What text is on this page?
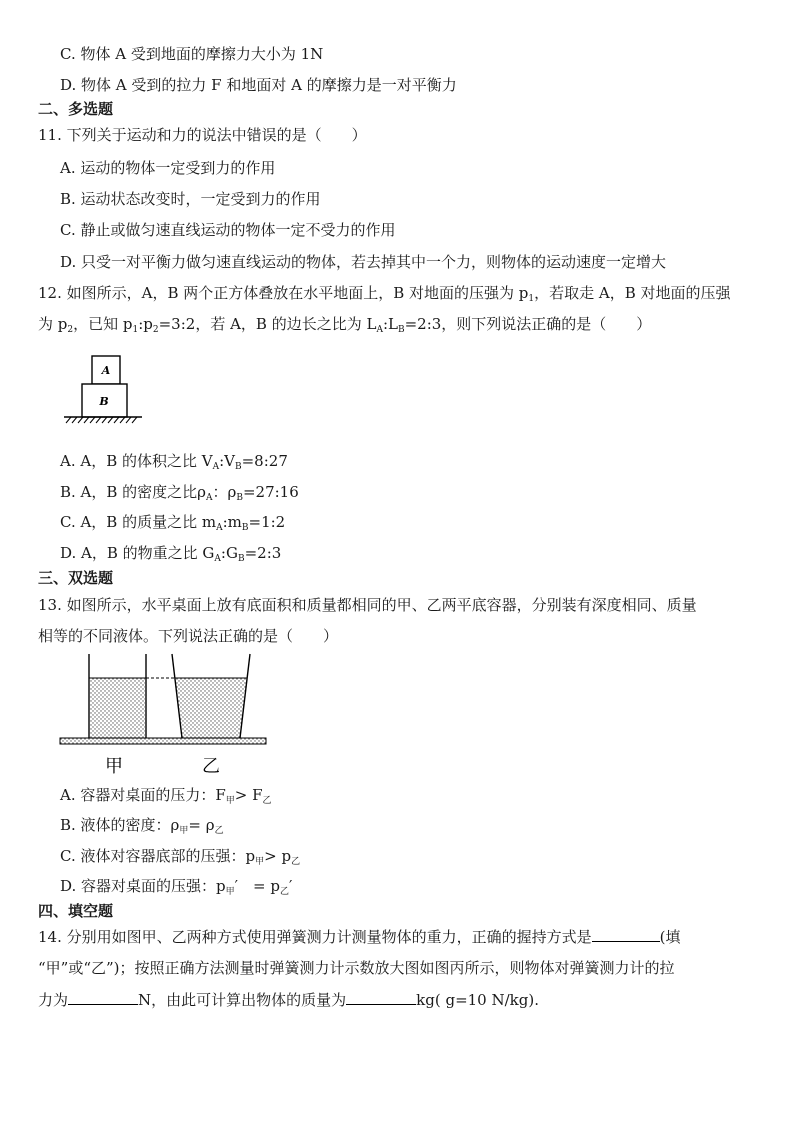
C. 物体 A 受到地面的摩擦力大小为 1N
D. 物体 A 受到的拉力 F 和地面对 A 的摩擦力是一对平衡力
二、多选题
11. 下列关于运动和力的说法中错误的是（　　）
A. 运动的物体一定受到力的作用
B. 运动状态改变时，一定受到力的作用
C. 静止或做匀速直线运动的物体一定不受力的作用
D. 只受一对平衡力做匀速直线运动的物体，若去掉其中一个力，则物体的运动速度一定增大
12. 如图所示，A，B 两个正方体叠放在水平地面上，B 对地面的压强为 $p_1$，若取走 A，B 对地面的压强
为 $p_2$，已知 $p_1:p_2=3:2$，若 A，B 的边长之比为 $L_A:L_B=2:3$，则下列说法正确的是（　　）
A
B
A. A，B 的体积之比 $V_A:V_B=8:27$
B. A，B 的密度之比$\rho_A$：$\rho_B=27:16$
C. A，B 的质量之比 $m_A:m_B=1:2$
D. A，B 的物重之比 $G_A:G_B=2:3$
三、双选题
13. 如图所示，水平桌面上放有底面积和质量都相同的甲、乙两平底容器，分别装有深度相同、质量
相等的不同液体。下列说法正确的是（　　）
甲	乙
A. 容器对桌面的压力：$F_甲> F_乙$
B. 液体的密度：$\rho_甲= \rho_乙$
C. 液体对容器底部的压强：$p_甲> p_乙$
D. 容器对桌面的压强：$p_甲'$　= $p_乙'$
四、填空题
14. 分别用如图甲、乙两种方式使用弹簧测力计测量物体的重力，正确的握持方式是	(填
“甲”或“乙”)；按照正确方法测量时弹簧测力计示数放大图如图丙所示，则物体对弹簧测力计的拉
力为	N，由此可计算出物体的质量为	kg( g=10 N/kg).
